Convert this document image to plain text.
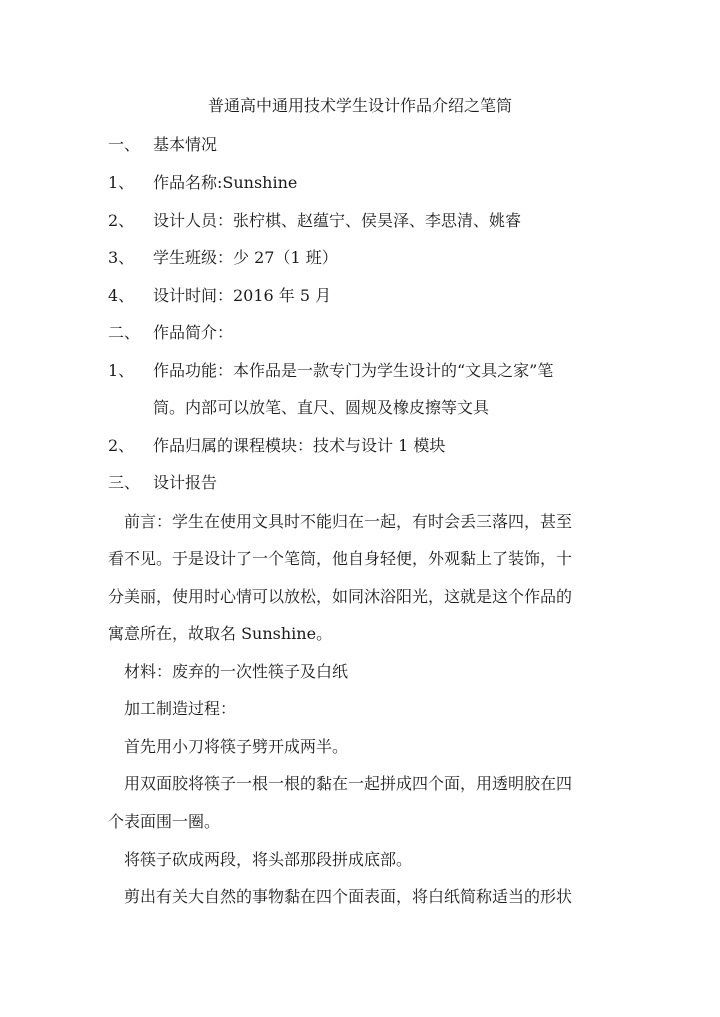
普通高中通用技术学生设计作品介绍之笔筒
一、 基本情况
1、 作品名称:Sunshine
2、 设计人员：张柠棋、赵蕴宁、侯昊泽、李思清、姚睿
3、 学生班级：少 27（1 班）
4、 设计时间：2016 年 5 月
二、 作品简介：
1、 作品功能：本作品是一款专门为学生设计的“文具之家”笔
筒。内部可以放笔、直尺、圆规及橡皮擦等文具
2、 作品归属的课程模块：技术与设计 1 模块
三、 设计报告
　前言：学生在使用文具时不能归在一起，有时会丢三落四，甚至
看不见。于是设计了一个笔筒，他自身轻便，外观黏上了装饰，十
分美丽，使用时心情可以放松，如同沐浴阳光，这就是这个作品的
寓意所在，故取名 Sunshine。
　材料：废弃的一次性筷子及白纸
　加工制造过程：
　首先用小刀将筷子劈开成两半。
　用双面胶将筷子一根一根的黏在一起拼成四个面，用透明胶在四
个表面围一圈。
　将筷子砍成两段，将头部那段拼成底部。
　剪出有关大自然的事物黏在四个面表面，将白纸简称适当的形状
